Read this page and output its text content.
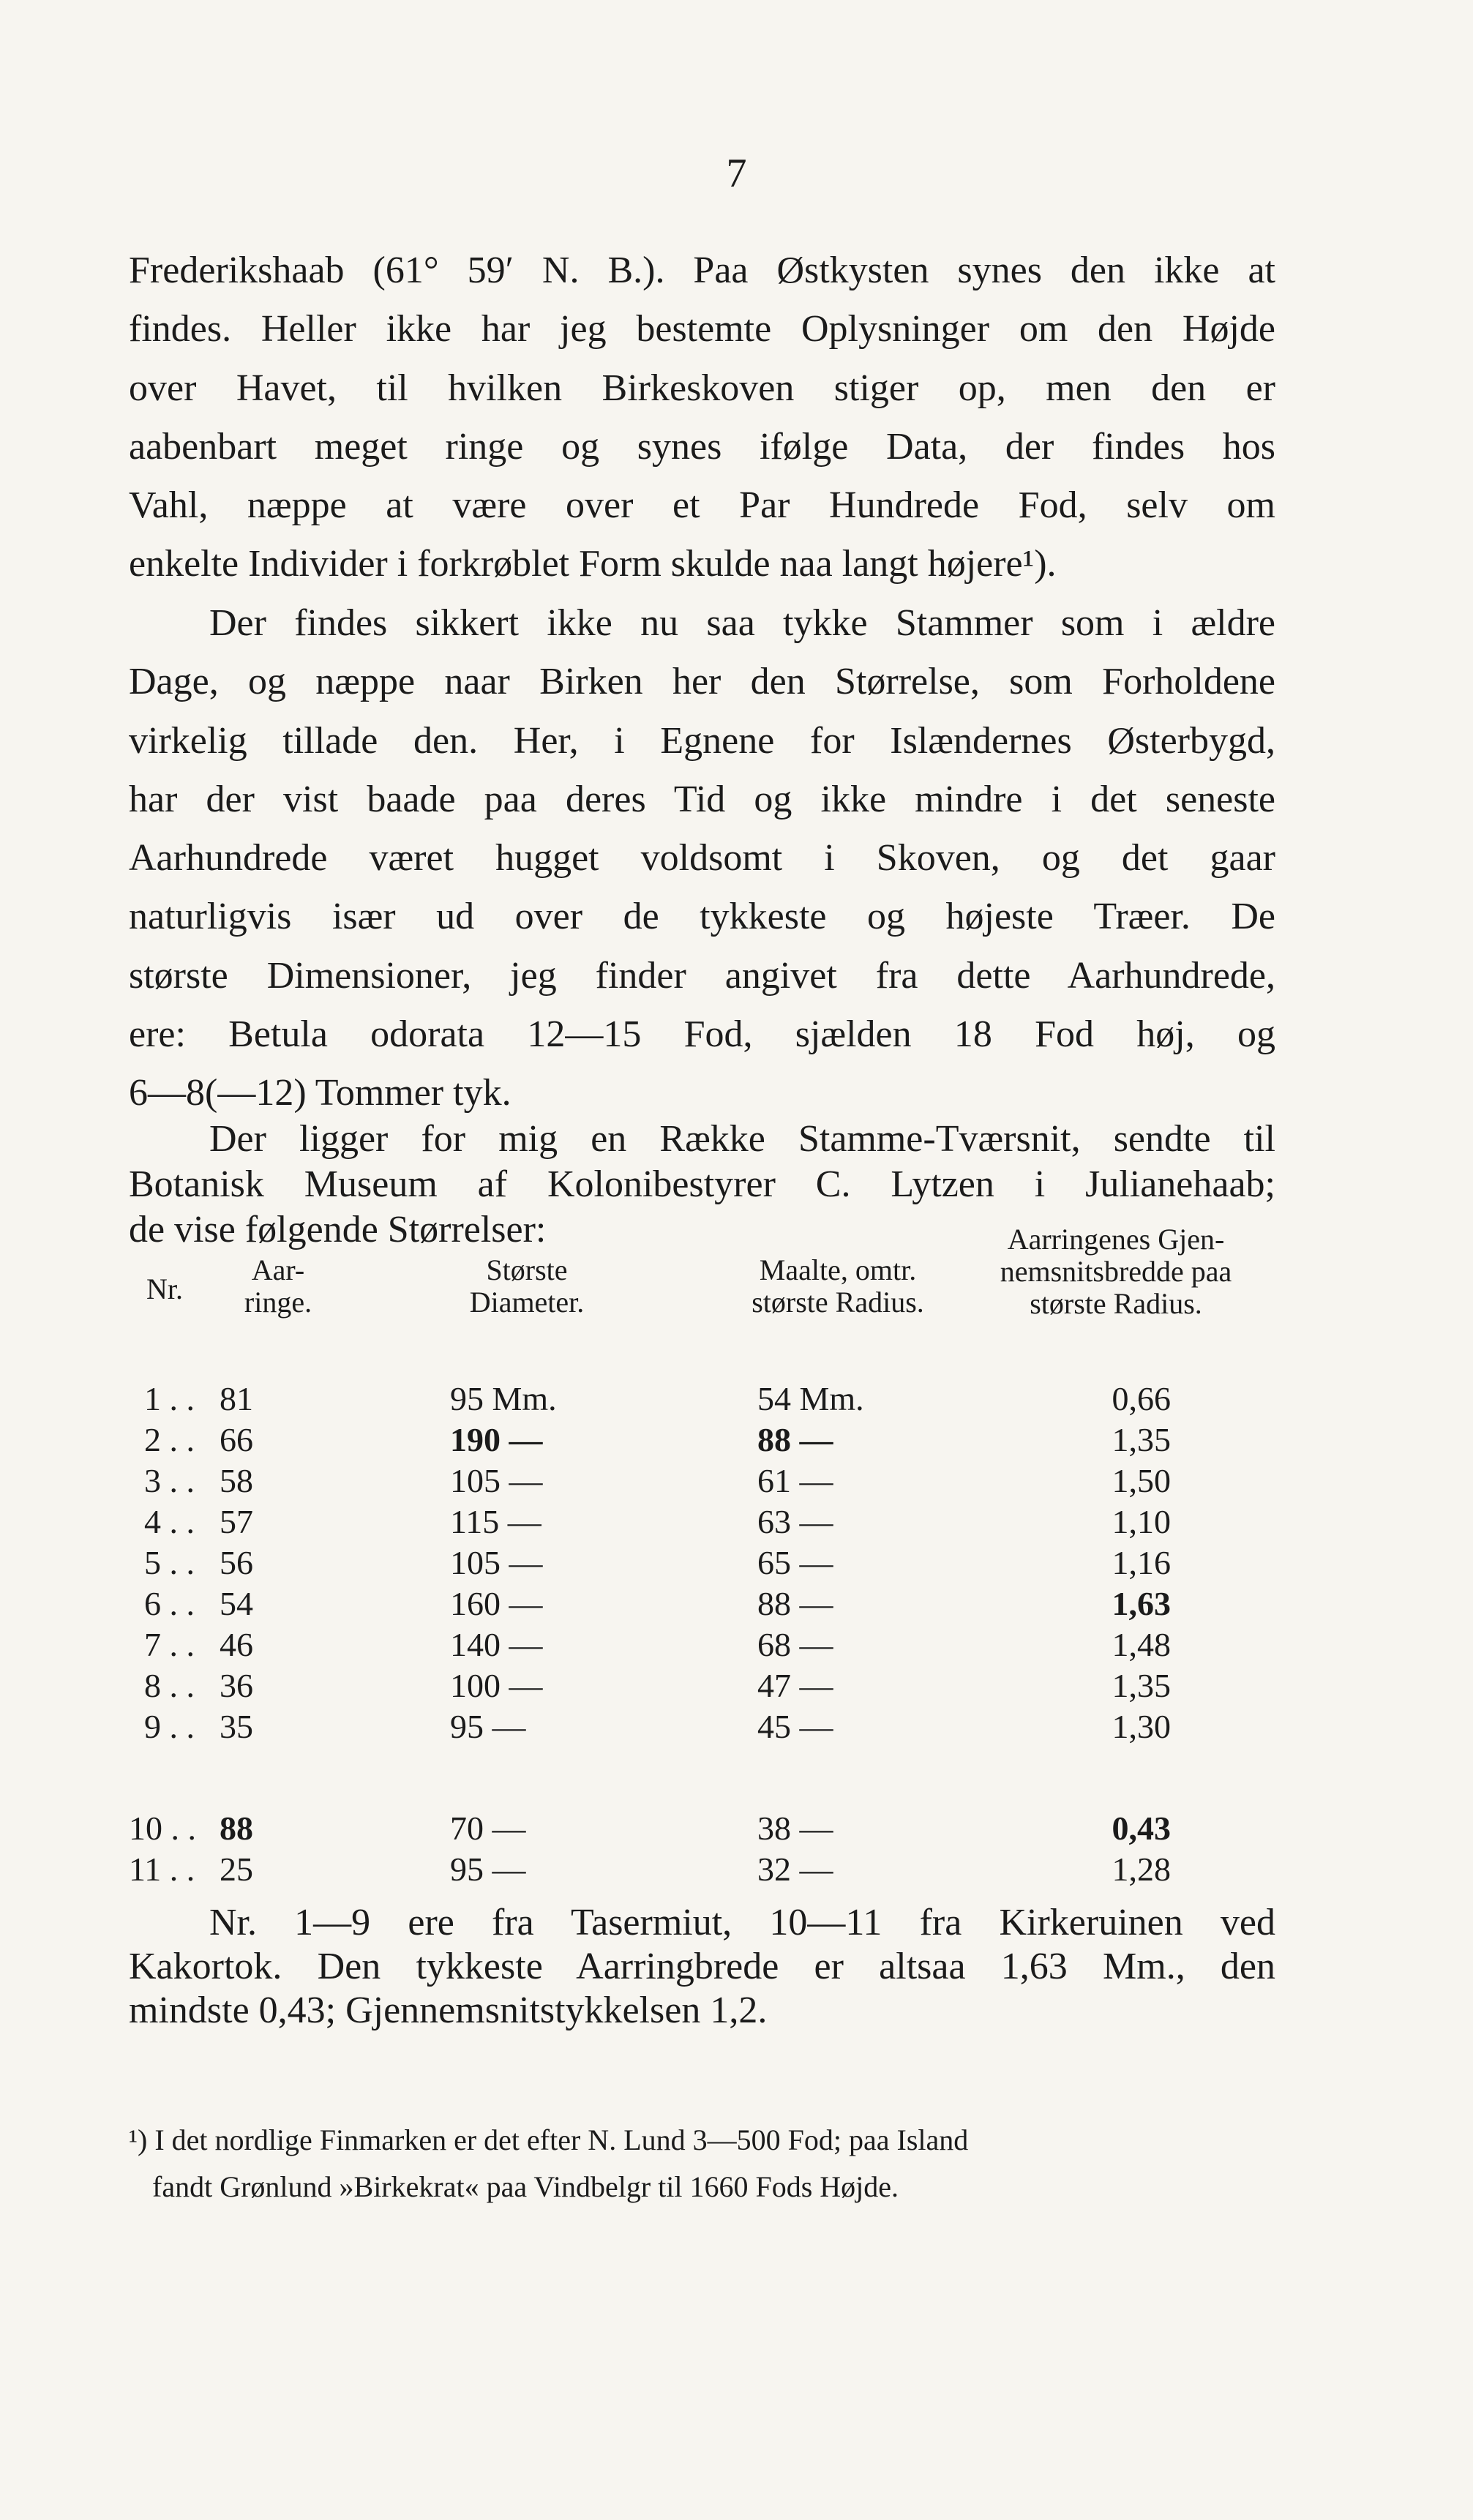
7

Frederikshaab (61° 59′ N. B.). Paa Østkysten synes den ikke at
findes. Heller ikke har jeg bestemte Oplysninger om den Højde
over Havet, til hvilken Birkeskoven stiger op, men den er
aabenbart meget ringe og synes ifølge Data, der findes hos
Vahl, næppe at være over et Par Hundrede Fod, selv om
enkelte Individer i forkrøblet Form skulde naa langt højere¹).

Der findes sikkert ikke nu saa tykke Stammer som i ældre
Dage, og næppe naar Birken her den Størrelse, som Forholdene
virkelig tillade den. Her, i Egnene for Islændernes Østerbygd,
har der vist baade paa deres Tid og ikke mindre i det seneste
Aarhundrede været hugget voldsomt i Skoven, og det gaar
naturligvis især ud over de tykkeste og højeste Træer. De
største Dimensioner, jeg finder angivet fra dette Aarhundrede,
ere: Betula odorata 12—15 Fod, sjælden 18 Fod høj, og
6—8(—12) Tommer tyk.

Der ligger for mig en Række Stamme-Tværsnit, sendte til
Botanisk Museum af Kolonibestyrer C. Lytzen i Julianehaab;
de vise følgende Størrelser:

Nr.
Aar-
ringe.
Største
Diameter.
Maalte, omtr.
største Radius.
Aarringenes Gjen-
nemsnitsbredde paa
største Radius.
1 . . 81	95 Mm.	54 Mm.	0,66
2 . . 66	190 —	88 —	1,35
3 . . 58	105 —	61 —	1,50
4 . . 57	115 —	63 —	1,10
5 . . 56	105 —	65 —	1,16
6 . . 54	160 —	88 —	1,63
7 . . 46	140 —	68 —	1,48
8 . . 36	100 —	47 —	1,35
9 . . 35	95 —	45 —	1,30
10 . . 88	70 —	38 —	0,43
11 . . 25	95 —	32 —	1,28

Nr. 1—9 ere fra Tasermiut, 10—11 fra Kirkeruinen ved
Kakortok. Den tykkeste Aarringbrede er altsaa 1,63 Mm., den
mindste 0,43; Gjennemsnitstykkelsen 1,2.

¹) I det nordlige Finmarken er det efter N. Lund 3—500 Fod; paa Island
fandt Grønlund »Birkekrat« paa Vindbelgr til 1660 Fods Højde.
